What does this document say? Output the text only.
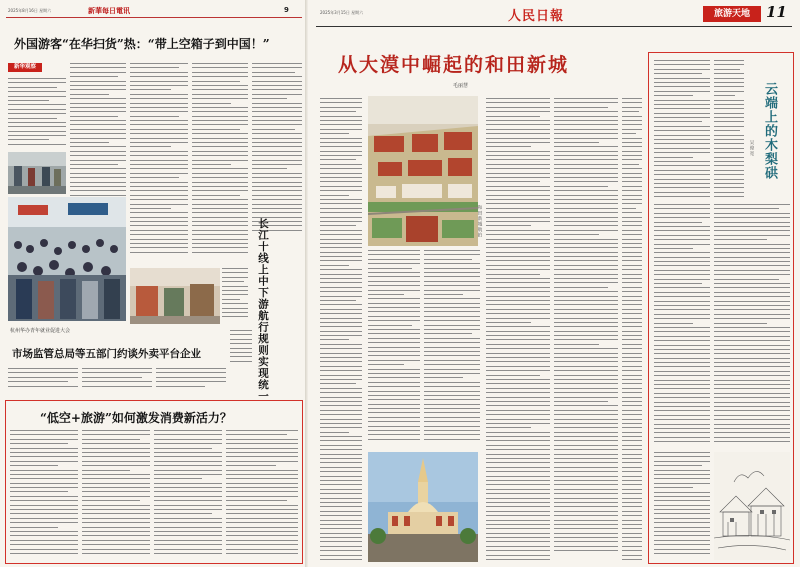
2025年8月16日 星期六	新華每日電讯	9
外国游客“在华扫货”热：“带上空箱子到中国！”
新华观察
杭州华办青年就业促进大会	长江十线上中下游航行规则实现统一
市场监管总局等五部门约谈外卖平台企业
“低空+旅游”如何激发消费新活力？
2025年3月15日 星期六	人民日報	旅游天地	11
从大漠中崛起的和田新城
毛丽慧
和田新城航拍
云端上的木梨硔
吴俊宽
